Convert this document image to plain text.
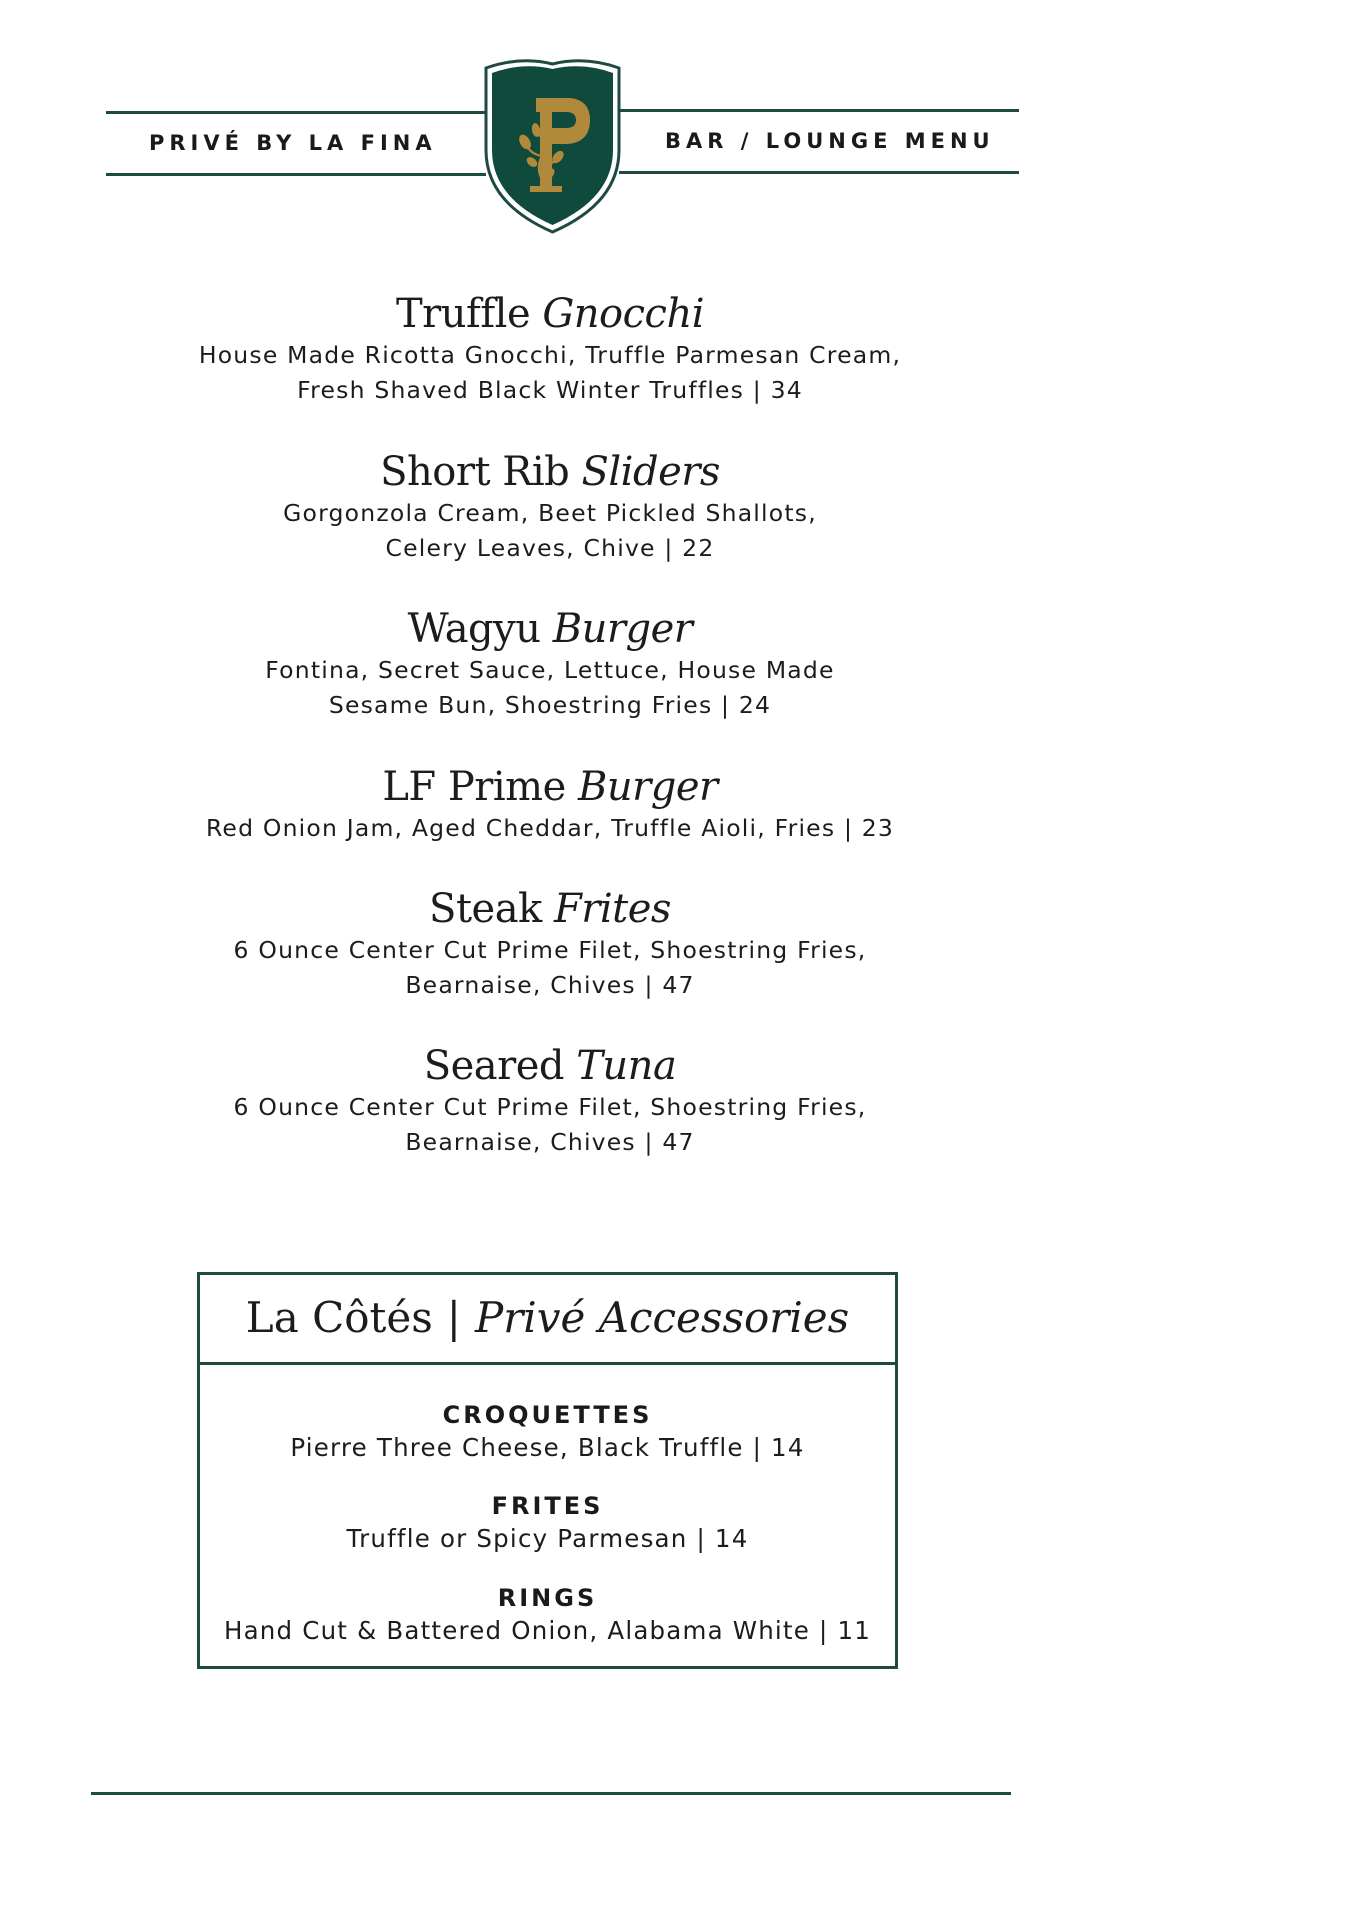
PRIVÉ BY LA FINA	BAR / LOUNGE MENU
Truffle Gnocchi
House Made Ricotta Gnocchi, Truffle Parmesan Cream,
Fresh Shaved Black Winter Truffles | 34
Short Rib Sliders
Gorgonzola Cream, Beet Pickled Shallots,
Celery Leaves, Chive | 22
Wagyu Burger
Fontina, Secret Sauce, Lettuce, House Made
Sesame Bun, Shoestring Fries | 24
LF Prime Burger
Red Onion Jam, Aged Cheddar, Truffle Aioli, Fries | 23
Steak Frites
6 Ounce Center Cut Prime Filet, Shoestring Fries,
Bearnaise, Chives | 47
Seared Tuna
6 Ounce Center Cut Prime Filet, Shoestring Fries,
Bearnaise, Chives | 47
La Côtés | Privé Accessories
CROQUETTES
Pierre Three Cheese, Black Truffle | 14
FRITES
Truffle or Spicy Parmesan | 14
RINGS
Hand Cut & Battered Onion, Alabama White | 11
